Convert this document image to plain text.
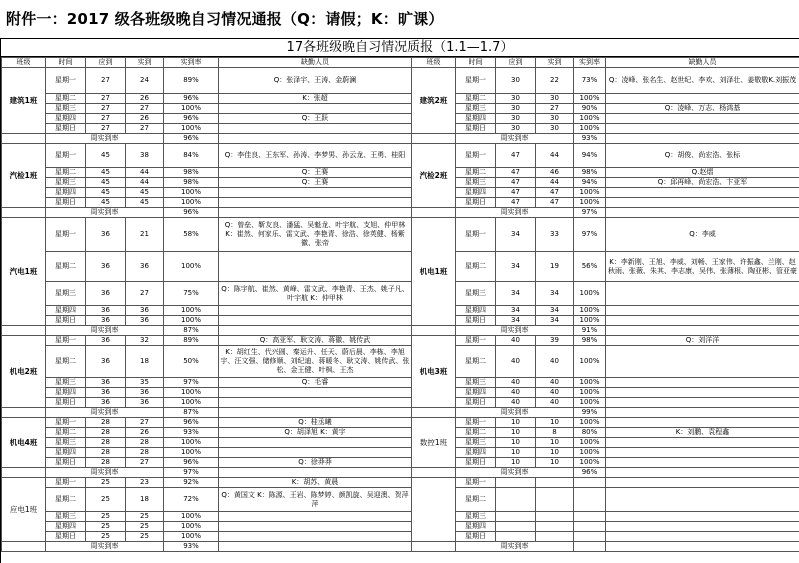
附件一：2017 级各班级晚自习情况通报（Q：请假；K：旷课）
17各班级晚自习情况质报（1.1—1.7）
班级	时间	应到	实到	实到率	缺勤人员	班级	时间	应到	实到	实到率	缺勤人员
建筑1班	星期一	27	24	89%	Q：张泽宇、王涛、金蔚澜	建筑2班	星期一	30	22	73%	Q：凌峰、张名生、赵世纪、李欢、刘泽壮、姜敬敬K.刘振茂
	星期二	27	26	96%	K：张超		星期二	30	30	100%	
	星期三	27	27	100%			星期三	30	27	90%	Q：凌峰、万志、杨鸿基
	星期四	27	26	96%	Q：王跃		星期四	30	30	100%	
	星期日	27	27	100%			星期日	30	30	100%	
	周实到率			96%			周实到率			93%	
汽检1班	星期一	45	38	84%	Q：李佳良、王东军、孙涛、李梦男、孙云龙、王勇、桂阳	汽检2班	星期一	47	44	94%	Q：胡俊、尚宏浩、张标
	星期二	45	44	98%	Q：王赛		星期二	47	46	98%	Q.赵熠
	星期三	45	44	98%	Q：王赛		星期三	47	44	94%	Q：邱再峰、尚宏浩、卞亚军
	星期四	45	45	100%			星期四	47	47	100%	
	星期日	45	45	100%			星期日	47	47	100%	
	周实到率			96%			周实到率			97%	
汽电1班	星期一	36	21	58%	Q：曾垒、靳友良、潘猛、吴魁龙、叶宇航、支旭、仲甲林 K：崔然、何家乐、雷文武、李艳青、徐浩、徐英健、杨紫徽、张帝	机电1班	星期一	34	33	97%	Q：李威
	星期二	36	36	100%			星期二	34	19	56%	K：李新刚、王旭、李威、刘畅、王家伟、许振鑫、兰刚、赵秋雨、张薇、朱其、李志康、吴伟、张薄根、陶亚彬、管亚豪
	星期三	36	27	75%	Q：陈宇航、崔然、黄峰、雷文武、李艳青、王杰、姚子凡、叶宇航 K：仲甲林		星期三	34	34	100%	
	星期四	36	36	100%			星期四	34	34	100%	
	星期日	36	36	100%			星期日	34	34	100%	
	周实到率			87%			周实到率			91%	
机电2班	星期一	36	32	89%	Q：高亚军、耿文涛、蒋徽、姚传武	机电3班	星期一	40	39	98%	Q：刘洋洋
	星期二	36	18	50%	K：胡红生、代兴圆、秦运升、任天、蔚后晨、李栋、李旭宇、汪文强、储修顺、刘纪迪、蒋暖冬、耿文涛、姚传武、张松、金王健、叶枫、王杰		星期二	40	40	100%	
	星期三	36	35	97%	Q：毛睿		星期三	40	40	100%	
	星期四	36	36	100%			星期四	40	40	100%	
	星期日	36	36	100%			星期日	40	40	100%	
	周实到率			87%			周实到率			99%	
机电4班	星期一	28	27	96%	Q：桂丞曦	数控1班	星期一	10	10	100%	
	星期二	28	26	93%	Q：胡泽旭 K：黄宇		星期二	10	8	80%	K：刘鹏、袁程鑫
	星期三	28	28	100%			星期三	10	10	100%	
	星期四	28	28	100%			星期四	10	10	100%	
	星期日	28	27	96%	Q：徐莽莽		星期日	10	10	100%	
	周实到率			97%			周实到率			96%	
应电1班	星期一	25	23	92%	K：胡苏、黄晨		星期一				
	星期二	25	18	72%	Q：黄国文 K：陈源、王岩、陈梦婷、颜凯旋、吴迎澳、贺萍萍		星期二				
	星期三	25	25	100%			星期三				
	星期四	25	25	100%			星期四				
	星期日	25	25	100%			星期日				
	周实到率			93%			周实到率				
